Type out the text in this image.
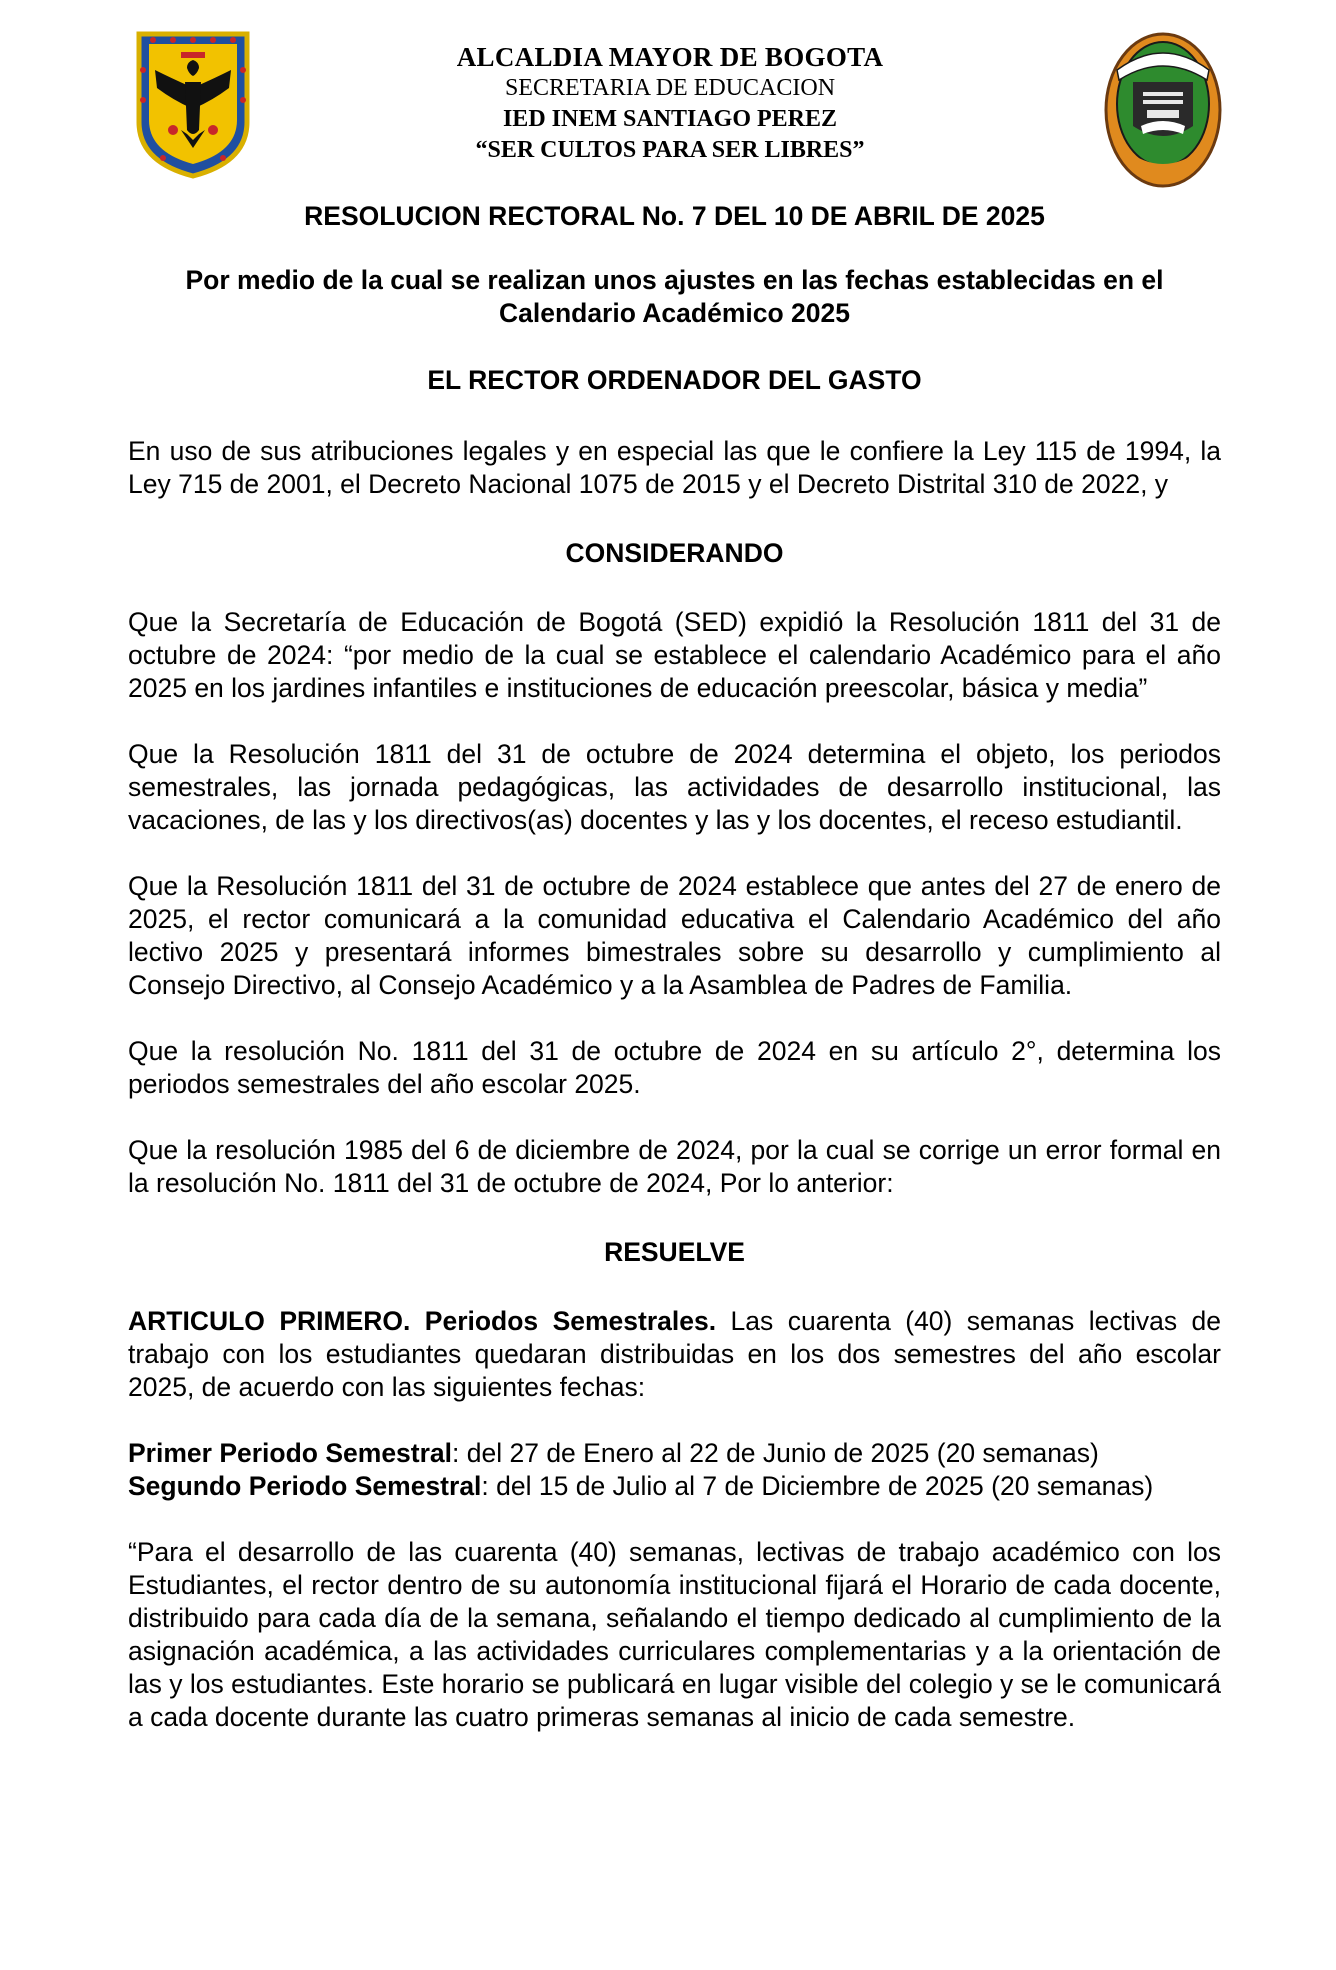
ALCALDIA MAYOR DE BOGOTA
SECRETARIA DE EDUCACION
IED INEM SANTIAGO PEREZ
“SER CULTOS PARA SER LIBRES”
RESOLUCION RECTORAL No. 7 DEL 10 DE ABRIL DE 2025
Por medio de la cual se realizan unos ajustes en las fechas establecidas en el
Calendario Académico 2025
EL RECTOR ORDENADOR DEL GASTO

En uso de sus atribuciones legales y en especial las que le confiere la Ley 115 de 1994, la Ley 715 de 2001, el Decreto Nacional 1075 de 2015 y el Decreto Distrital 310 de 2022, y

CONSIDERANDO

Que la Secretaría de Educación de Bogotá (SED) expidió la Resolución 1811 del 31 de octubre de 2024: “por medio de la cual se establece el calendario Académico para el año 2025 en los jardines infantiles e instituciones de educación preescolar, básica y media”

Que la Resolución 1811 del 31 de octubre de 2024 determina el objeto, los periodos semestrales, las jornada pedagógicas, las actividades de desarrollo institucional, las vacaciones, de las y los directivos(as) docentes y las y los docentes, el receso estudiantil.

Que la Resolución 1811 del 31 de octubre de 2024 establece que antes del 27 de enero de 2025, el rector comunicará a la comunidad educativa el Calendario Académico del año lectivo 2025 y presentará informes bimestrales sobre su desarrollo y cumplimiento al Consejo Directivo, al Consejo Académico y a la Asamblea de Padres de Familia.

Que la resolución No. 1811 del 31 de octubre de 2024 en su artículo 2°, determina los periodos semestrales del año escolar 2025.

Que la resolución 1985 del 6 de diciembre de 2024, por la cual se corrige un error formal en la resolución No. 1811 del 31 de octubre de 2024, Por lo anterior:

RESUELVE

ARTICULO PRIMERO. Periodos Semestrales. Las cuarenta (40) semanas lectivas de trabajo con los estudiantes quedaran distribuidas en los dos semestres del año escolar 2025, de acuerdo con las siguientes fechas:

Primer Periodo Semestral: del 27 de Enero al 22 de Junio de 2025 (20 semanas)

Segundo Periodo Semestral: del 15 de Julio al 7 de Diciembre de 2025 (20 semanas)

“Para el desarrollo de las cuarenta (40) semanas, lectivas de trabajo académico con los Estudiantes, el rector dentro de su autonomía institucional fijará el Horario de cada docente, distribuido para cada día de la semana, señalando el tiempo dedicado al cumplimiento de la asignación académica, a las actividades curriculares complementarias y a la orientación de las y los estudiantes. Este horario se publicará en lugar visible del colegio y se le comunicará a cada docente durante las cuatro primeras semanas al inicio de cada semestre.
